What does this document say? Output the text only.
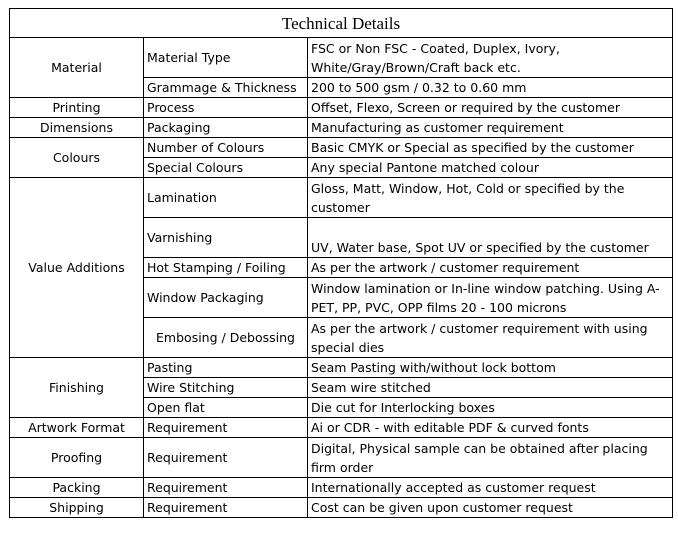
Technical Details		
Material	Material Type	FSC or Non FSC - Coated, Duplex, Ivory, White/Gray/Brown/Craft back etc.
	Grammage & Thickness	200 to 500 gsm / 0.32 to 0.60 mm
Printing	Process	Offset, Flexo, Screen or required by the customer
Dimensions	Packaging	Manufacturing as customer requirement
Colours	Number of Colours	Basic CMYK or Special as specified by the customer
	Special Colours	Any special Pantone matched colour
Value Additions	Lamination	Gloss, Matt, Window, Hot, Cold or specified by the customer
	Varnishing	UV, Water base, Spot UV or specified by the customer
	Hot Stamping / Foiling	As per the artwork / customer requirement
	Window Packaging	Window lamination or In-line window patching. Using A-PET, PP, PVC, OPP films 20 - 100 microns
	Embosing / Debossing	As per the artwork / customer requirement with using special dies
Finishing	Pasting	Seam Pasting with/without lock bottom
	Wire Stitching	Seam wire stitched
	Open flat	Die cut for Interlocking boxes
Artwork Format	Requirement	Ai or CDR - with editable PDF & curved fonts
Proofing	Requirement	Digital, Physical sample can be obtained after placing firm order
Packing	Requirement	Internationally accepted as customer request
Shipping	Requirement	Cost can be given upon customer request
